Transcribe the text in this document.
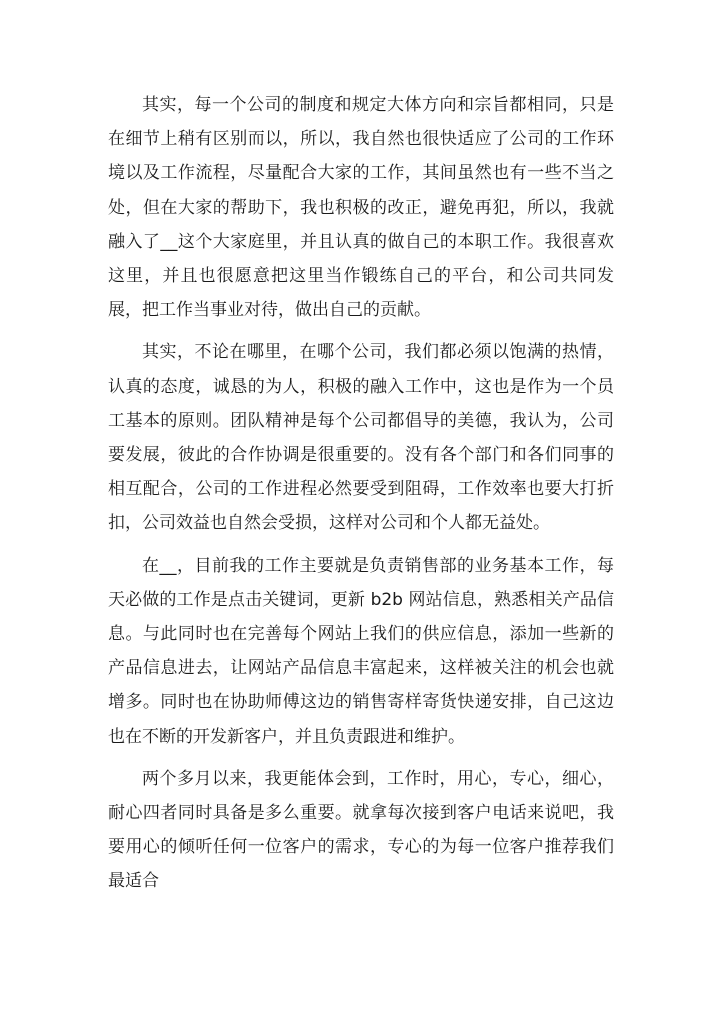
其实，每一个公司的制度和规定大体方向和宗旨都相同，只是在细节上稍有区别而以，所以，我自然也很快适应了公司的工作环境以及工作流程，尽量配合大家的工作，其间虽然也有一些不当之处，但在大家的帮助下，我也积极的改正，避免再犯，所以，我就融入了__这个大家庭里，并且认真的做自己的本职工作。我很喜欢这里，并且也很愿意把这里当作锻练自己的平台，和公司共同发展，把工作当事业对待，做出自己的贡献。

其实，不论在哪里，在哪个公司，我们都必须以饱满的热情，认真的态度，诚恳的为人，积极的融入工作中，这也是作为一个员工基本的原则。团队精神是每个公司都倡导的美德，我认为，公司要发展，彼此的合作协调是很重要的。没有各个部门和各们同事的相互配合，公司的工作进程必然要受到阻碍，工作效率也要大打折扣，公司效益也自然会受损，这样对公司和个人都无益处。

在__，目前我的工作主要就是负责销售部的业务基本工作，每天必做的工作是点击关键词，更新 b2b 网站信息，熟悉相关产品信息。与此同时也在完善每个网站上我们的供应信息，添加一些新的产品信息进去，让网站产品信息丰富起来，这样被关注的机会也就增多。同时也在协助师傅这边的销售寄样寄货快递安排，自己这边也在不断的开发新客户，并且负责跟进和维护。

两个多月以来，我更能体会到，工作时，用心，专心，细心，耐心四者同时具备是多么重要。就拿每次接到客户电话来说吧，我要用心的倾听任何一位客户的需求，专心的为每一位客户推荐我们最适合
